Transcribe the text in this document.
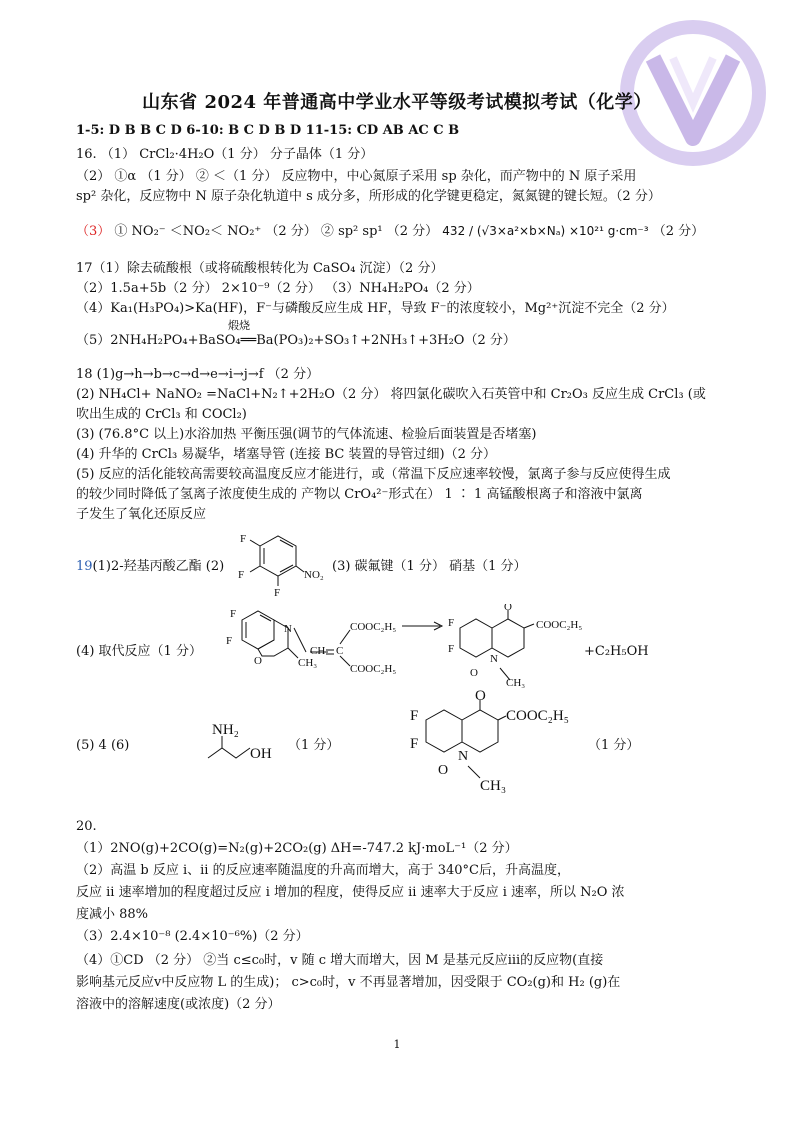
山东省 2024 年普通高中学业水平等级考试模拟考试（化学）
1-5: D B B C D 6-10: B C D B D 11-15: CD AB AC C B
16. （1） CrCl₂·4H₂O（1 分） 分子晶体（1 分）
（2） ①α （1 分） ② ＜（1 分） 反应物中，中心氮原子采用 sp 杂化，而产物中的 N 原子采用
sp² 杂化，反应物中 N 原子杂化轨道中 s 成分多，所形成的化学键更稳定，氮氮键的键长短。（2 分）
（3） ① NO₂⁻ ＜NO₂＜ NO₂⁺ （2 分） ② sp² sp¹ （2 分） 432 / (√3×a²×b×Nₐ) ×10²¹ g·cm⁻³ （2 分）
17（1）除去硫酸根（或将硫酸根转化为 CaSO₄ 沉淀）（2 分）
（2）1.5a+5b（2 分） 2×10⁻⁹（2 分） （3）NH₄H₂PO₄（2 分）
（4）Ka₁(H₃PO₄)>Ka(HF)，F⁻与磷酸反应生成 HF，导致 F⁻的浓度较小，Mg²⁺沉淀不完全（2 分）
煅烧
（5）2NH₄H₂PO₄+BaSO₄══Ba(PO₃)₂+SO₃↑+2NH₃↑+3H₂O（2 分）
18 (1)g→h→b→c→d→e→i→j→f （2 分）
(2) NH₄Cl+ NaNO₂ =NaCl+N₂↑+2H₂O（2 分） 将四氯化碳吹入石英管中和 Cr₂O₃ 反应生成 CrCl₃ (或
吹出生成的 CrCl₃ 和 COCl₂)
(3) (76.8°C 以上)水浴加热 平衡压强(调节的气体流速、检验后面装置是否堵塞)
(4) 升华的 CrCl₃ 易凝华，堵塞导管 (连接 BC 装置的导管过细)（2 分）
(5) 反应的活化能较高需要较高温度反应才能进行，或（常温下反应速率较慢，氯离子参与反应使得生成
的较少同时降低了氢离子浓度使生成的 产物以 CrO₄²⁻形式在） 1 ∶ 1 高锰酸根离子和溶液中氯离
子发生了氧化还原反应
19(1)2-羟基丙酸乙酯 (2)
F
F
F
NO₂
(3) 碳氟键（1 分） 硝基（1 分）
(4) 取代反应（1 分）
F
F
N
O	CH₃
CH C
COOC₂H₅
COOC₂H₅
O
F
F
N
O
CH₃
COOC₂H₅
+C₂H₅OH
(5) 4 (6)
NH₂
OH
（1 分）
O
F
F
N
O
CH₃
COOC₂H₅
（1 分）
20.
（1）2NO(g)+2CO(g)=N₂(g)+2CO₂(g) ΔH=-747.2 kJ·moL⁻¹（2 分）
（2）高温 b 反应 i、ii 的反应速率随温度的升高而增大，高于 340°C后，升高温度，
反应 ii 速率增加的程度超过反应 i 增加的程度，使得反应 ii 速率大于反应 i 速率，所以 N₂O 浓
度减小 88%
（3）2.4×10⁻⁸ (2.4×10⁻⁶%)（2 分）
（4）①CD （2 分） ②当 c≤c₀时，v 随 c 增大而增大，因 M 是基元反应iii的反应物(直接
影响基元反应v中反应物 L 的生成)； c>c₀时，v 不再显著增加，因受限于 CO₂(g)和 H₂ (g)在
溶液中的溶解速度(或浓度)（2 分）
1
